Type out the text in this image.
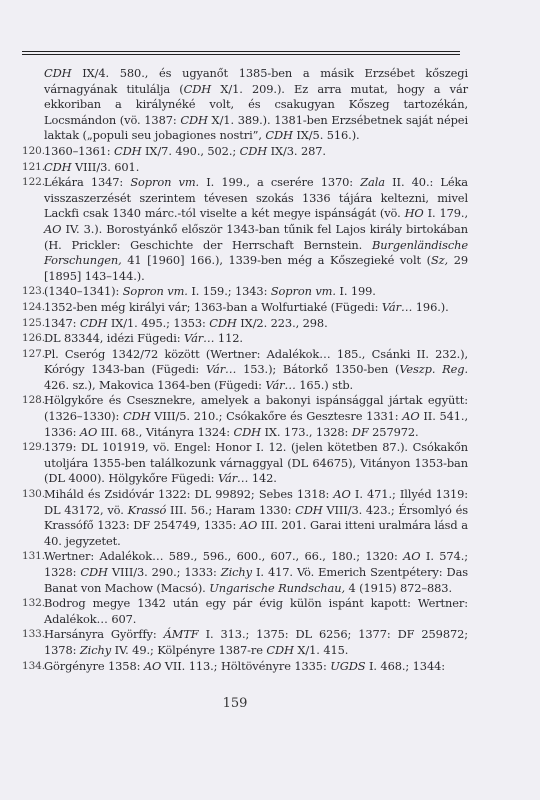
CDH IX/4. 580., és ugyanőt 1385-ben a másik Erzsébet kőszegi várnagyának titulálja (CDH X/1. 209.). Ez arra mutat, hogy a vár ekkoriban a királynéké volt, és csakugyan Kőszeg tartozékán, Locsmándon (vö. 1387: CDH X/1. 389.). 1381-ben Erzsébetnek saját népei laktak („populi seu jobagiones nostri”, CDH IX/5. 516.).
120. 1360–1361: CDH IX/7. 490., 502.; CDH IX/3. 287.
121. CDH VIII/3. 601.
122. Lékára 1347: Sopron vm. I. 199., a cserére 1370: Zala II. 40.: Léka visszaszerzését szerintem tévesen szokás 1336 tájára keltezni, mivel Lackfi csak 1340 márc.-tól viselte a két megye ispánságát (vö. HO I. 179., AO IV. 3.). Borostyánkő először 1343-ban tűnik fel Lajos király birtokában (H. Prickler: Geschichte der Herrschaft Bernstein. Burgenländische Forschungen, 41 [1960] 166.), 1339-ben még a Kőszegieké volt (Sz, 29 [1895] 143–144.).
123. (1340–1341): Sopron vm. I. 159.; 1343: Sopron vm. I. 199.
124. 1352-ben még királyi vár; 1363-ban a Wolfurtiaké (Fügedi: Vár… 196.).
125. 1347: CDH IX/1. 495.; 1353: CDH IX/2. 223., 298.
126. DL 83344, idézi Fügedi: Vár… 112.
127. Pl. Cseróg 1342/72 között (Wertner: Adalékok… 185., Csánki II. 232.), Kórógy 1343-ban (Fügedi: Vár… 153.); Bátorkő 1350-ben (Veszp. Reg. 426. sz.), Makovica 1364-ben (Fügedi: Vár… 165.) stb.
128. Hölgykőre és Csesznekre, amelyek a bakonyi ispánsággal jártak együtt: (1326–1330): CDH VIII/5. 210.; Csókakőre és Gesztesre 1331: AO II. 541., 1336: AO III. 68., Vitányra 1324: CDH IX. 173., 1328: DF 257972.
129. 1379: DL 101919, vö. Engel: Honor I. 12. (jelen kötetben 87.). Csókakőn utoljára 1355-ben találkozunk várnaggyal (DL 64675), Vitányon 1353-ban (DL 4000). Hölgykőre Fügedi: Vár… 142.
130. Miháld és Zsidóvár 1322: DL 99892; Sebes 1318: AO I. 471.; Illyéd 1319: DL 43172, vö. Krassó III. 56.; Haram 1330: CDH VIII/3. 423.; Érsomlyó és Krassófő 1323: DF 254749, 1335: AO III. 201. Garai itteni uralmára lásd a 40. jegyzetet.
131. Wertner: Adalékok… 589., 596., 600., 607., 66., 180.; 1320: AO I. 574.; 1328: CDH VIII/3. 290.; 1333: Zichy I. 417. Vö. Emerich Szentpétery: Das Banat von Machow (Macsó). Ungarische Rundschau, 4 (1915) 872–883.
132. Bodrog megye 1342 után egy pár évig külön ispánt kapott: Wertner: Adalékok… 607.
133. Harsányra Györffy: ÁMTF I. 313.; 1375: DL 6256; 1377: DF 259872; 1378: Zichy IV. 49.; Kölpényre 1387-re CDH X/1. 415.
134. Görgényre 1358: AO VII. 113.; Höltövényre 1335: UGDS I. 468.; 1344:
159
